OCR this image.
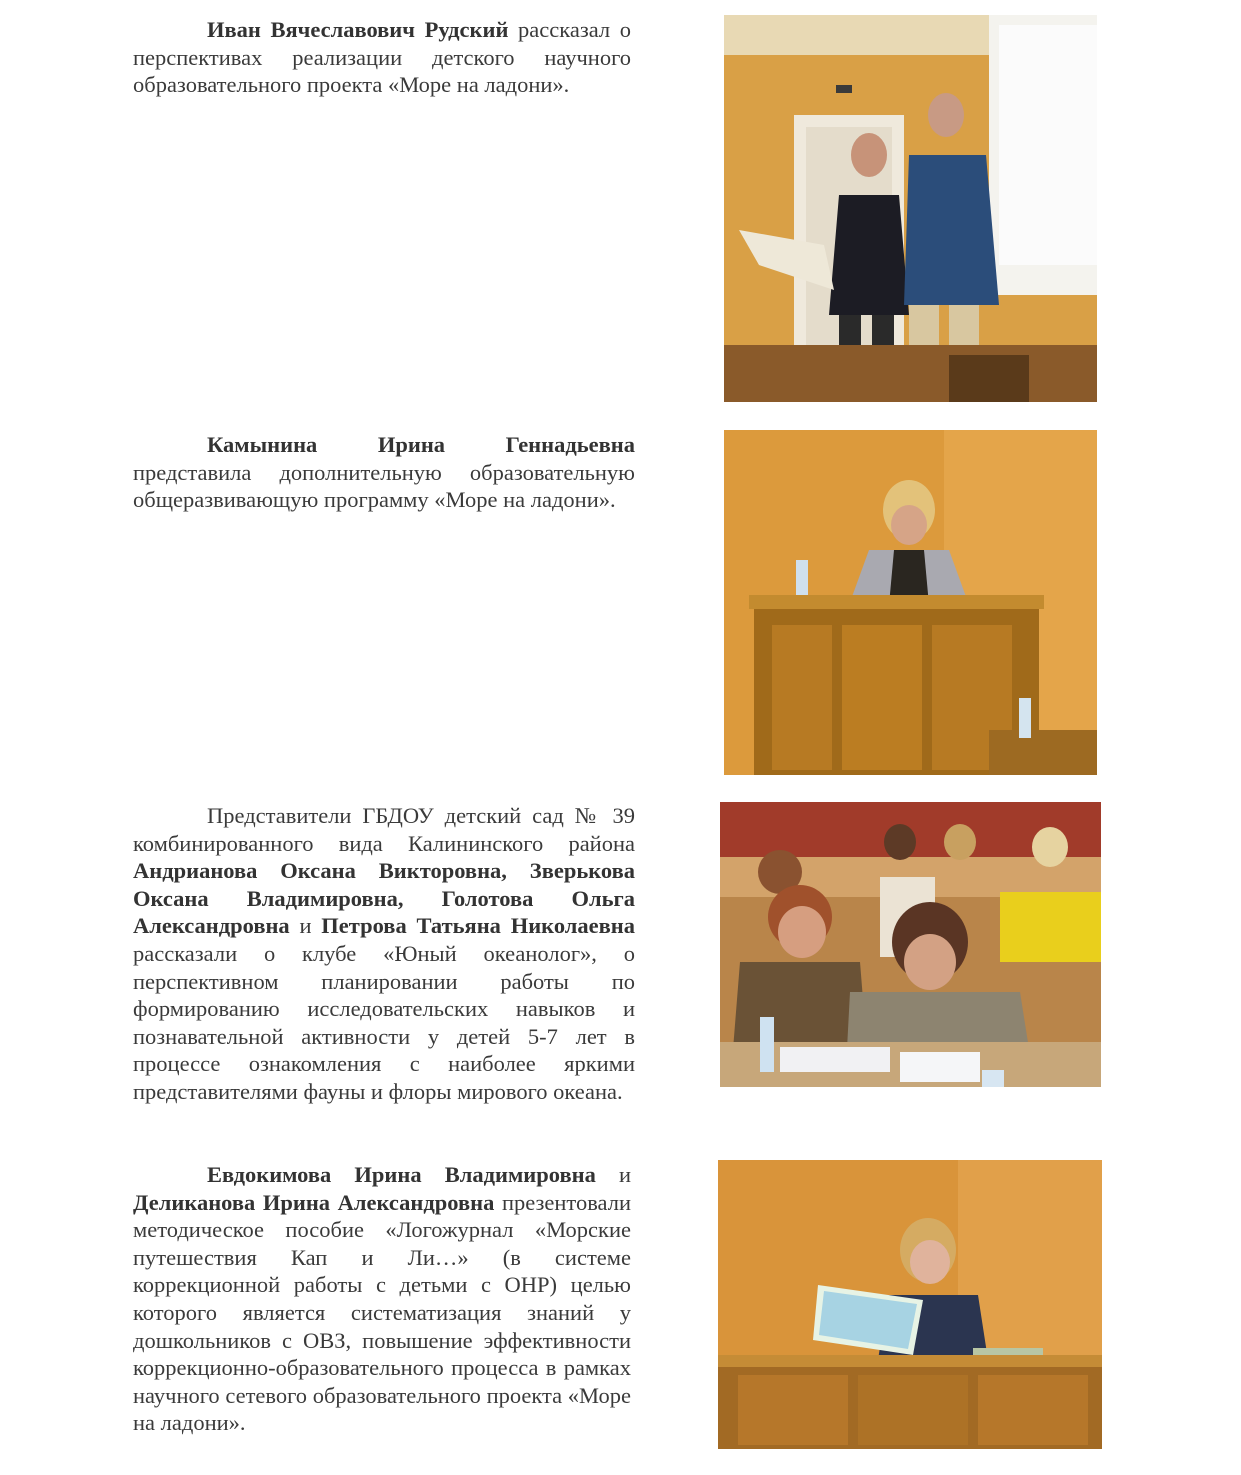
Иван Вячеславович Рудский рассказал о перспективах реализации детского научного образовательного проекта «Море на ладони».
Камынина Ирина Геннадьевна представила дополнительную образовательную общеразвивающую программу «Море на ладони».
Представители ГБДОУ детский сад № 39 комбинированного вида Калининского района Андрианова Оксана Викторовна, Зверькова Оксана Владимировна, Голотова Ольга Александровна и Петрова Татьяна Николаевна рассказали о клубе «Юный океанолог», о перспективном планировании работы по формированию исследовательских навыков и познавательной активности у детей 5-7 лет в процессе ознакомления с наиболее яркими представителями фауны и флоры мирового океана.
Евдокимова Ирина Владимировна и Деликанова Ирина Александровна презентовали методическое пособие «Логожурнал «Морские путешествия Кап и Ли…» (в системе коррекционной работы с детьми с ОНР) целью которого является систематизация знаний у дошкольников с ОВЗ, повышение эффективности коррекционно-образовательного процесса в рамках научного сетевого образовательного проекта «Море на ладони».
